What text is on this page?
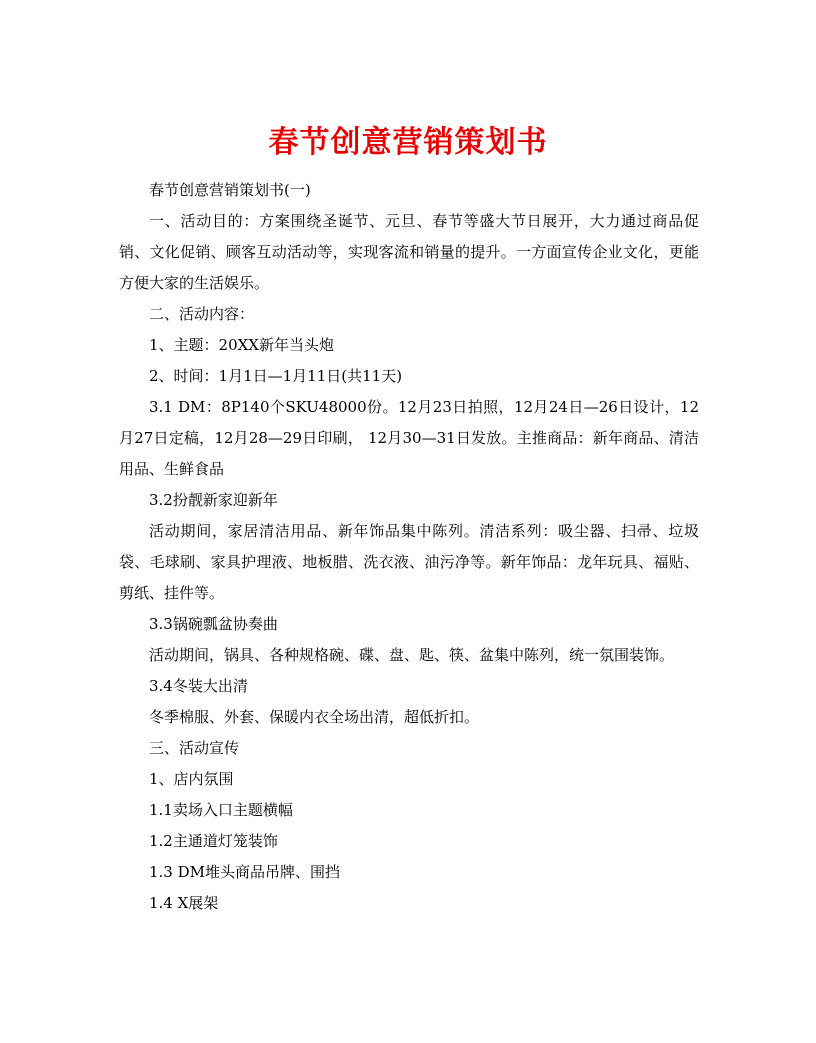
春节创意营销策划书

春节创意营销策划书(一)

一、活动目的：方案围绕圣诞节、元旦、春节等盛大节日展开，大力通过商品促销、文化促销、顾客互动活动等，实现客流和销量的提升。一方面宣传企业文化，更能方便大家的生活娱乐。

二、活动内容：

1、主题：20XX新年当头炮

2、时间：1月1日—1月11日(共11天)

3.1 DM：8P140个SKU48000份。12月23日拍照，12月24日—26日设计，12月27日定稿，12月28—29日印刷， 12月30—31日发放。主推商品：新年商品、清洁用品、生鲜食品

3.2扮靓新家迎新年

活动期间，家居清洁用品、新年饰品集中陈列。清洁系列：吸尘器、扫帚、垃圾袋、毛球刷、家具护理液、地板腊、洗衣液、油污净等。新年饰品：龙年玩具、福贴、剪纸、挂件等。

3.3锅碗瓢盆协奏曲

活动期间，锅具、各种规格碗、碟、盘、匙、筷、盆集中陈列，统一氛围装饰。

3.4冬装大出清

冬季棉服、外套、保暖内衣全场出清，超低折扣。

三、活动宣传

1、店内氛围

1.1卖场入口主题横幅

1.2主通道灯笼装饰

1.3 DM堆头商品吊牌、围挡

1.4 X展架
